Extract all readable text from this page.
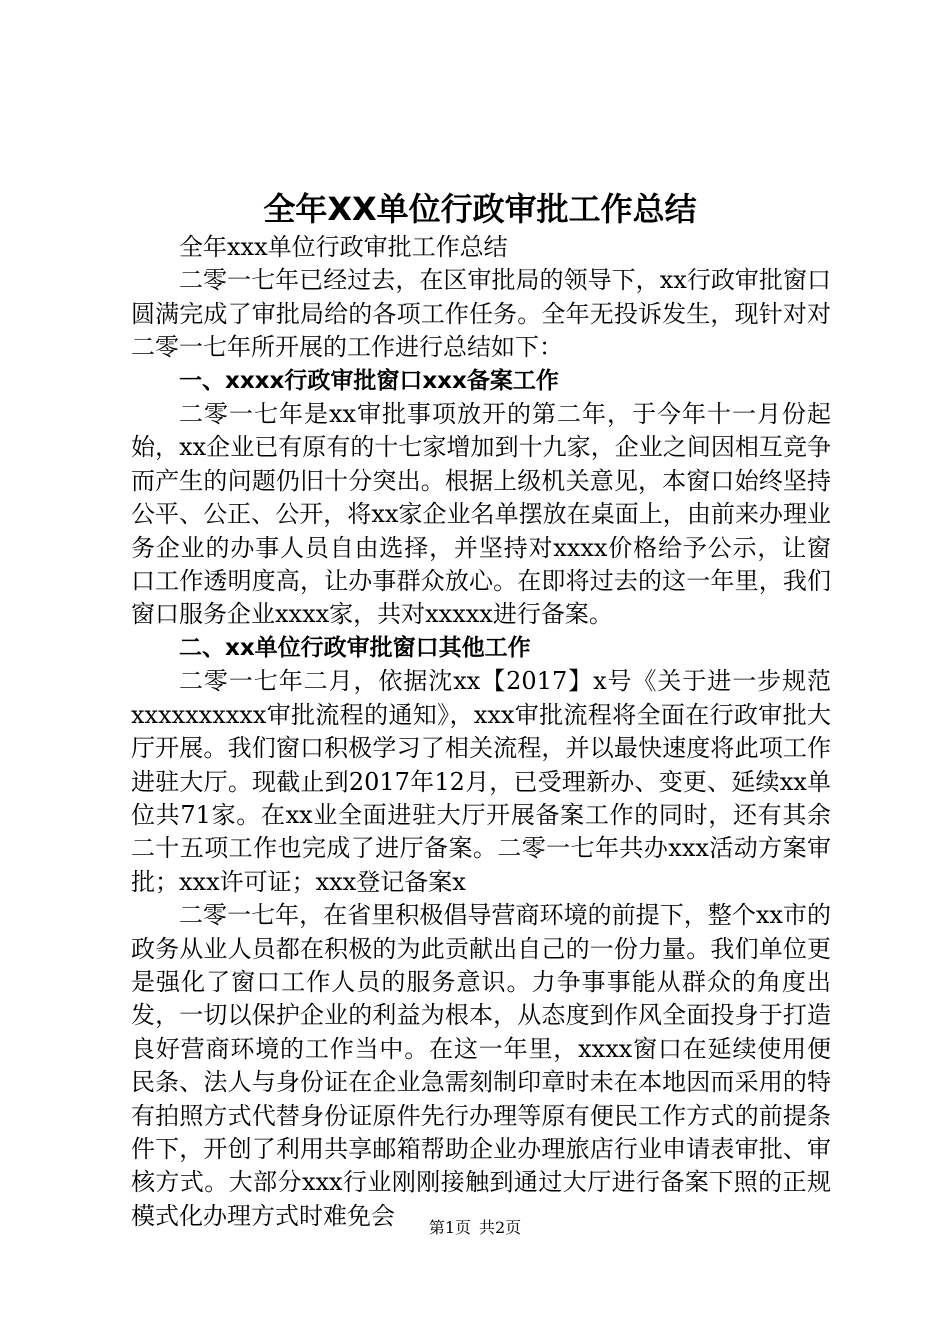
全年XX单位行政审批工作总结

全年xxx单位行政审批工作总结

二零一七年已经过去，在区审批局的领导下，xx行政审批窗口圆满完成了审批局给的各项工作任务。全年无投诉发生，现针对对二零一七年所开展的工作进行总结如下：

一、xxxx行政审批窗口xxx备案工作

二零一七年是xx审批事项放开的第二年，于今年十一月份起始，xx企业已有原有的十七家增加到十九家，企业之间因相互竞争而产生的问题仍旧十分突出。根据上级机关意见，本窗口始终坚持公平、公正、公开，将xx家企业名单摆放在桌面上，由前来办理业务企业的办事人员自由选择，并坚持对xxxx价格给予公示，让窗口工作透明度高，让办事群众放心。在即将过去的这一年里，我们窗口服务企业xxxx家，共对xxxxx进行备案。

二、xx单位行政审批窗口其他工作

二零一七年二月，依据沈xx【2017】x号《关于进一步规范xxxxxxxxxx审批流程的通知》，xxx审批流程将全面在行政审批大厅开展。我们窗口积极学习了相关流程，并以最快速度将此项工作进驻大厅。现截止到2017年12月，已受理新办、变更、延续xx单位共71家。在xx业全面进驻大厅开展备案工作的同时，还有其余二十五项工作也完成了进厅备案。二零一七年共办xxx活动方案审批；xxx许可证；xxx登记备案x

二零一七年，在省里积极倡导营商环境的前提下，整个xx市的政务从业人员都在积极的为此贡献出自己的一份力量。我们单位更是强化了窗口工作人员的服务意识。力争事事能从群众的角度出发，一切以保护企业的利益为根本，从态度到作风全面投身于打造良好营商环境的工作当中。在这一年里，xxxx窗口在延续使用便民条、法人与身份证在企业急需刻制印章时未在本地因而采用的特有拍照方式代替身份证原件先行办理等原有便民工作方式的前提条件下，开创了利用共享邮箱帮助企业办理旅店行业申请表审批、审核方式。大部分xxx行业刚刚接触到通过大厅进行备案下照的正规模式化办理方式时难免会	第1页 共2页
